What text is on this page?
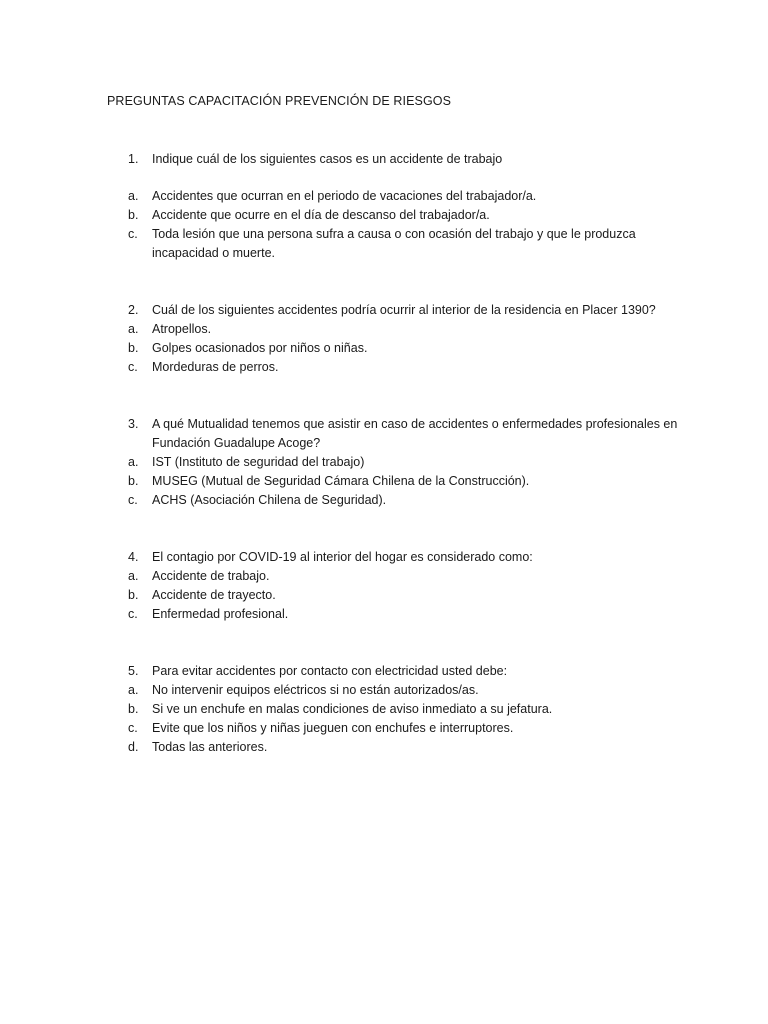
PREGUNTAS CAPACITACIÓN PREVENCIÓN DE RIESGOS
1. Indique cuál de los siguientes casos es un accidente de trabajo
a. Accidentes que ocurran en el periodo de vacaciones del trabajador/a.
b. Accidente que ocurre en el día de descanso del trabajador/a.
c. Toda lesión que una persona sufra a causa o con ocasión del trabajo y que le produzca incapacidad o muerte.
2. Cuál de los siguientes accidentes podría ocurrir al interior de la residencia en Placer 1390?
a. Atropellos.
b. Golpes ocasionados por niños o niñas.
c. Mordeduras de perros.
3. A qué Mutualidad tenemos que asistir en caso de accidentes o enfermedades profesionales en Fundación Guadalupe Acoge?
a. IST (Instituto de seguridad del trabajo)
b. MUSEG (Mutual de Seguridad Cámara Chilena de la Construcción).
c. ACHS (Asociación Chilena de Seguridad).
4. El contagio por COVID-19 al interior del hogar es considerado como:
a. Accidente de trabajo.
b. Accidente de trayecto.
c. Enfermedad profesional.
5. Para evitar accidentes por contacto con electricidad usted debe:
a. No intervenir equipos eléctricos si no están autorizados/as.
b. Si ve un enchufe en malas condiciones de aviso inmediato a su jefatura.
c. Evite que los niños y niñas jueguen con enchufes e interruptores.
d. Todas las anteriores.
